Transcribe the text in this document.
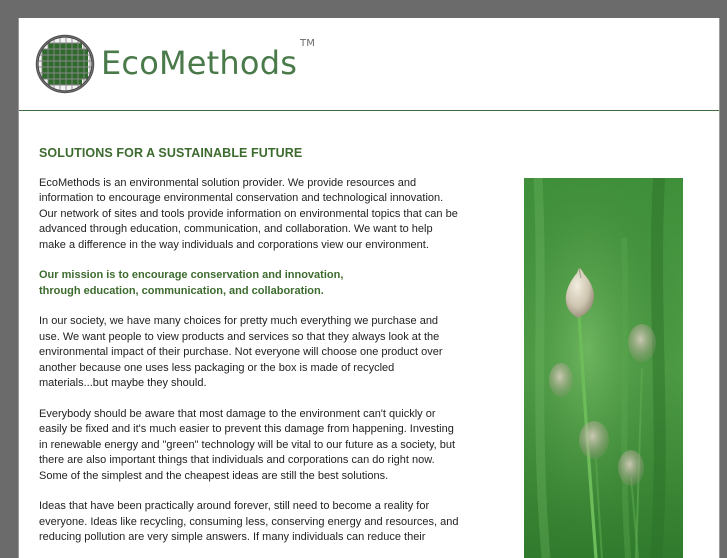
EcoMethods
TM
SOLUTIONS FOR A SUSTAINABLE FUTURE

EcoMethods is an environmental solution provider. We provide resources and information to encourage environmental conservation and technological innovation. Our network of sites and tools provide information on environmental topics that can be advanced through education, communication, and collaboration. We want to help make a difference in the way individuals and corporations view our environment.

Our mission is to encourage conservation and innovation,
through education, communication, and collaboration.

In our society, we have many choices for pretty much everything we purchase and use. We want people to view products and services so that they always look at the environmental impact of their purchase. Not everyone will choose one product over another because one uses less packaging or the box is made of recycled materials...but maybe they should.

Everybody should be aware that most damage to the environment can't quickly or easily be fixed and it's much easier to prevent this damage from happening. Investing in renewable energy and "green" technology will be vital to our future as a society, but there are also important things that individuals and corporations can do right now. Some of the simplest and the cheapest ideas are still the best solutions.

Ideas that have been practically around forever, still need to become a reality for everyone. Ideas like recycling, consuming less, conserving energy and resources, and reducing pollution are very simple answers. If many individuals can reduce their
